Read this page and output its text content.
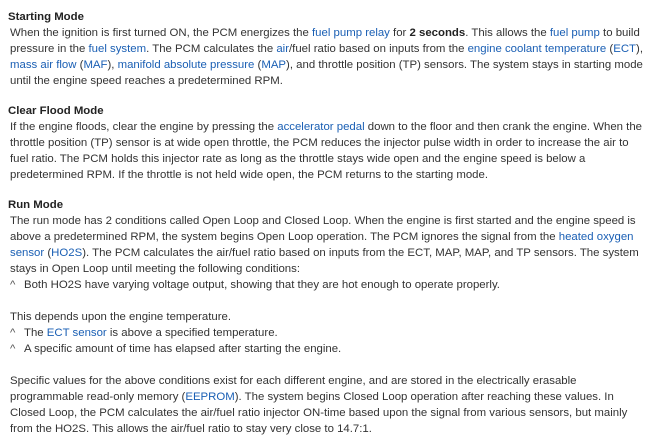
Starting Mode

When the ignition is first turned ON, the PCM energizes the fuel pump relay for 2 seconds. This allows the fuel pump to build pressure in the fuel system. The PCM calculates the air/fuel ratio based on inputs from the engine coolant temperature (ECT), mass air flow (MAF), manifold absolute pressure (MAP), and throttle position (TP) sensors. The system stays in starting mode until the engine speed reaches a predetermined RPM.

Clear Flood Mode

If the engine floods, clear the engine by pressing the accelerator pedal down to the floor and then crank the engine. When the throttle position (TP) sensor is at wide open throttle, the PCM reduces the injector pulse width in order to increase the air to fuel ratio. The PCM holds this injector rate as long as the throttle stays wide open and the engine speed is below a predetermined RPM. If the throttle is not held wide open, the PCM returns to the starting mode.

Run Mode

The run mode has 2 conditions called Open Loop and Closed Loop. When the engine is first started and the engine speed is above a predetermined RPM, the system begins Open Loop operation. The PCM ignores the signal from the heated oxygen sensor (HO2S). The PCM calculates the air/fuel ratio based on inputs from the ECT, MAP, MAP, and TP sensors. The system stays in Open Loop until meeting the following conditions:

^ Both HO2S have varying voltage output, showing that they are hot enough to operate properly.

This depends upon the engine temperature.

^ The ECT sensor is above a specified temperature.
^ A specific amount of time has elapsed after starting the engine.

Specific values for the above conditions exist for each different engine, and are stored in the electrically erasable programmable read-only memory (EEPROM). The system begins Closed Loop operation after reaching these values. In Closed Loop, the PCM calculates the air/fuel ratio injector ON-time based upon the signal from various sensors, but mainly from the HO2S. This allows the air/fuel ratio to stay very close to 14.7:1.
